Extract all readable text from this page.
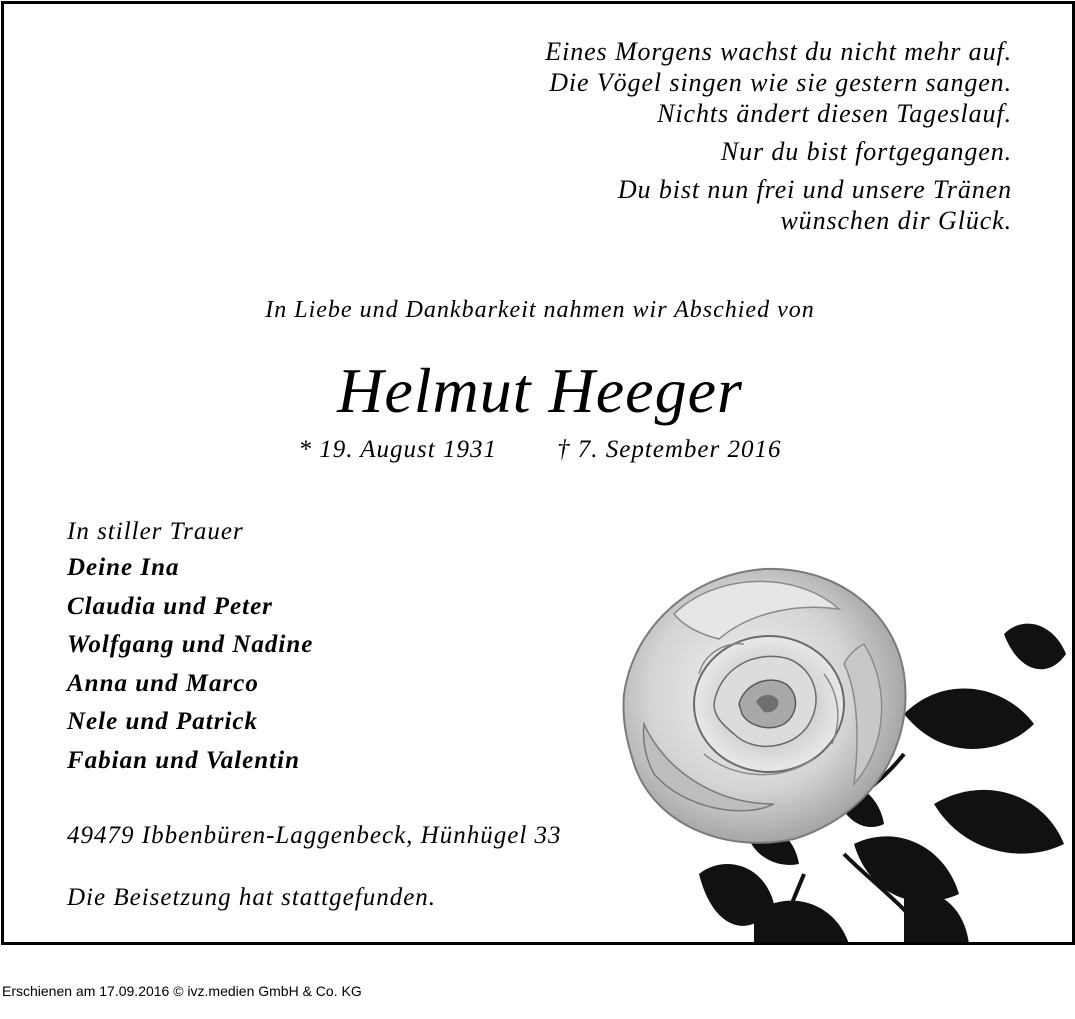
Eines Morgens wachst du nicht mehr auf.
Die Vögel singen wie sie gestern sangen.
Nichts ändert diesen Tageslauf.
Nur du bist fortgegangen.
Du bist nun frei und unsere Tränen
wünschen dir Glück.
In Liebe und Dankbarkeit nahmen wir Abschied von
Helmut Heeger
* 19. August 1931 † 7. September 2016
In stiller Trauer
Deine Ina
Claudia und Peter
Wolfgang und Nadine
Anna und Marco
Nele und Patrick
Fabian und Valentin
49479 Ibbenbüren-Laggenbeck, Hünhügel 33
Die Beisetzung hat stattgefunden.
Erschienen am 17.09.2016 © ivz.medien GmbH & Co. KG
